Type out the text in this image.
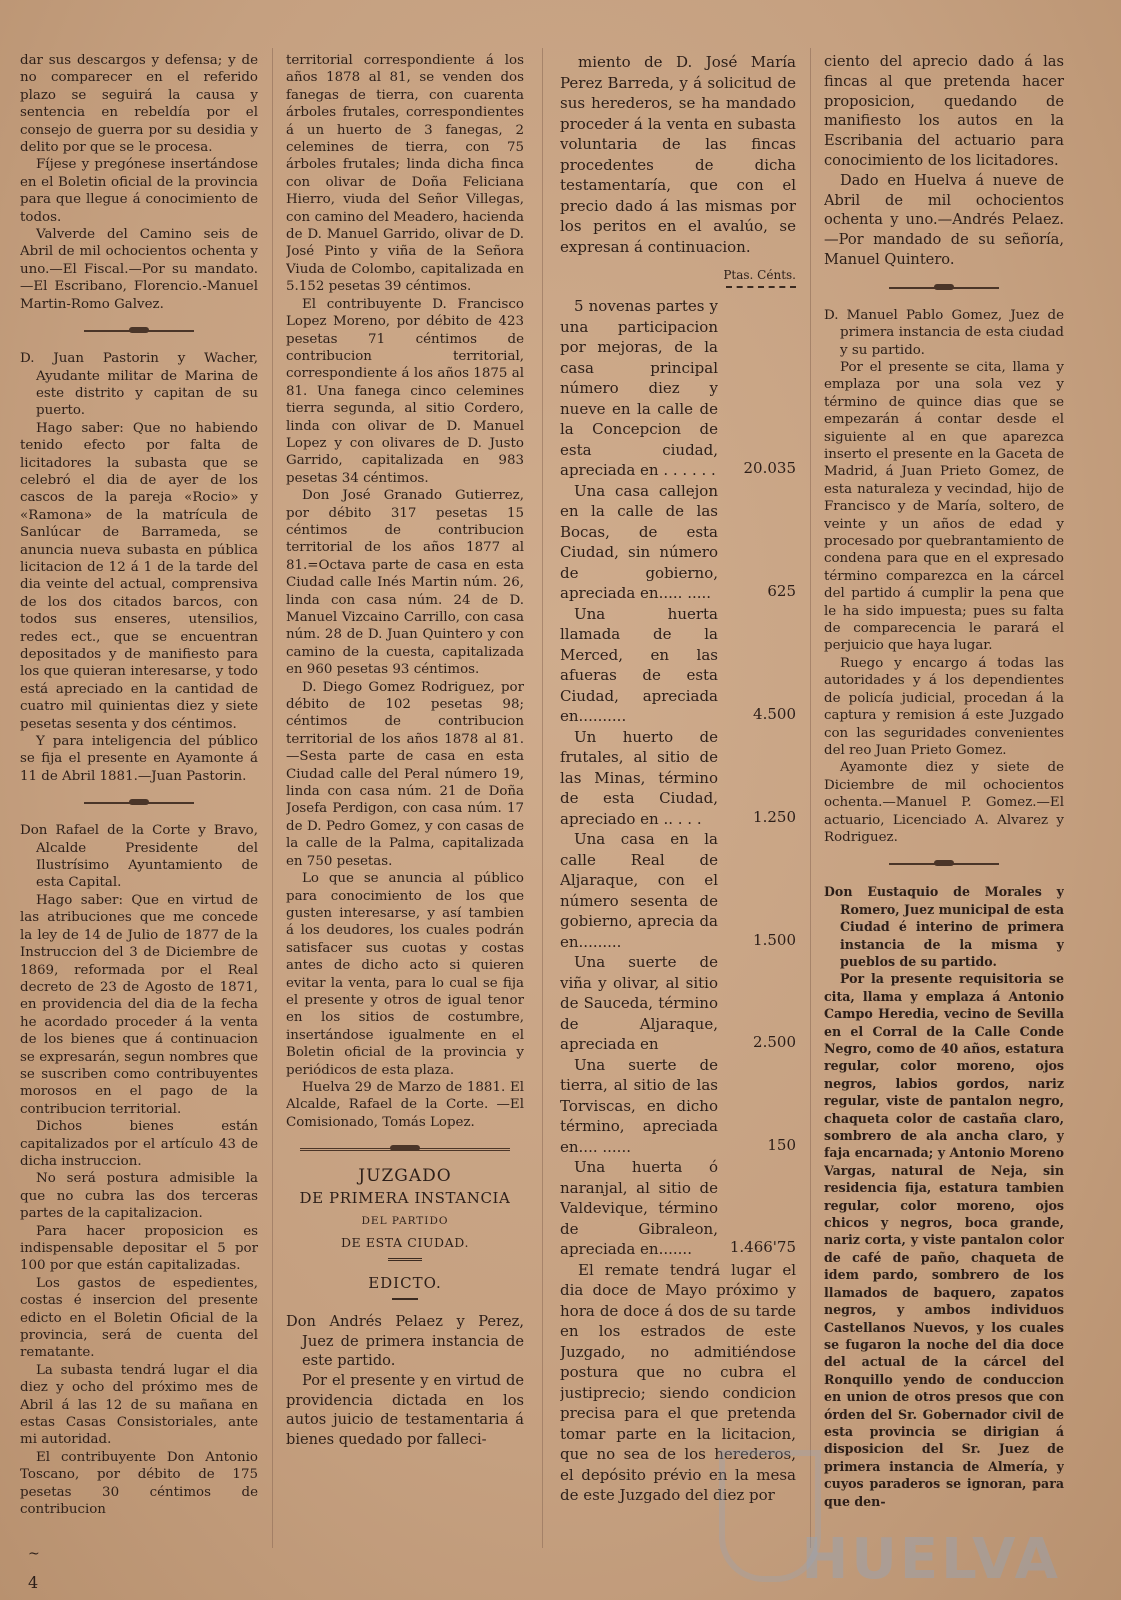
dar sus descargos y defensa; y de no comparecer en el referido plazo se seguirá la causa y sentencia en rebeldía por el consejo de guerra por su desidia y delito por que se le procesa.

Fíjese y pregónese insertándose en el Boletin oficial de la provincia para que llegue á conocimiento de todos.

Valverde del Camino seis de Abril de mil ochocientos ochenta y uno.—El Fiscal.—Por su mandato.—El Escribano, Florencio.-Manuel Martin-Romo Galvez.

D. Juan Pastorin y Wacher, Ayudante militar de Marina de este distrito y capitan de su puerto.

Hago saber: Que no habiendo tenido efecto por falta de licitadores la subasta que se celebró el dia de ayer de los cascos de la pareja «Rocio» y «Ramona» de la matrícula de Sanlúcar de Barrameda, se anuncia nueva subasta en pública licitacion de 12 á 1 de la tarde del dia veinte del actual, comprensiva de los dos citados barcos, con todos sus enseres, utensilios, redes ect., que se encuentran depositados y de manifiesto para los que quieran interesarse, y todo está apreciado en la cantidad de cuatro mil quinientas diez y siete pesetas sesenta y dos céntimos.

Y para inteligencia del público se fija el presente en Ayamonte á 11 de Abril 1881.—Juan Pastorin.

Don Rafael de la Corte y Bravo, Alcalde Presidente del Ilustrísimo Ayuntamiento de esta Capital.

Hago saber: Que en virtud de las atribuciones que me concede la ley de 14 de Julio de 1877 de la Instruccion del 3 de Diciembre de 1869, reformada por el Real decreto de 23 de Agosto de 1871, en providencia del dia de la fecha he acordado proceder á la venta de los bienes que á continuacion se expresarán, segun nombres que se suscriben como contribuyentes morosos en el pago de la contribucion territorial.

Dichos bienes están capitalizados por el artículo 43 de dicha instruccion.

No será postura admisible la que no cubra las dos terceras partes de la capitalizacion.

Para hacer proposicion es indispensable depositar el 5 por 100 por que están capitalizadas.

Los gastos de espedientes, costas é insercion del presente edicto en el Boletin Oficial de la provincia, será de cuenta del rematante.

La subasta tendrá lugar el dia diez y ocho del próximo mes de Abril á las 12 de su mañana en estas Casas Consistoriales, ante mi autoridad.

El contribuyente Don Antonio Toscano, por débito de 175 pesetas 30 céntimos de contribucion

territorial correspondiente á los años 1878 al 81, se venden dos fanegas de tierra, con cuarenta árboles frutales, correspondientes á un huerto de 3 fanegas, 2 celemines de tierra, con 75 árboles frutales; linda dicha finca con olivar de Doña Feliciana Hierro, viuda del Señor Villegas, con camino del Meadero, hacienda de D. Manuel Garrido, olivar de D. José Pinto y viña de la Señora Viuda de Colombo, capitalizada en 5.152 pesetas 39 céntimos.

El contribuyente D. Francisco Lopez Moreno, por débito de 423 pesetas 71 céntimos de contribucion territorial, correspondiente á los años 1875 al 81. Una fanega cinco celemines tierra segunda, al sitio Cordero, linda con olivar de D. Manuel Lopez y con olivares de D. Justo Garrido, capitalizada en 983 pesetas 34 céntimos.

Don José Granado Gutierrez, por débito 317 pesetas 15 céntimos de contribucion territorial de los años 1877 al 81.=Octava parte de casa en esta Ciudad calle Inés Martin núm. 26, linda con casa núm. 24 de D. Manuel Vizcaino Carrillo, con casa núm. 28 de D. Juan Quintero y con camino de la cuesta, capitalizada en 960 pesetas 93 céntimos.

D. Diego Gomez Rodriguez, por débito de 102 pesetas 98; céntimos de contribucion territorial de los años 1878 al 81.—Sesta parte de casa en esta Ciudad calle del Peral número 19, linda con casa núm. 21 de Doña Josefa Perdigon, con casa núm. 17 de D. Pedro Gomez, y con casas de la calle de la Palma, capitalizada en 750 pesetas.

Lo que se anuncia al público para conocimiento de los que gusten interesarse, y así tambien á los deudores, los cuales podrán satisfacer sus cuotas y costas antes de dicho acto si quieren evitar la venta, para lo cual se fija el presente y otros de igual tenor en los sitios de costumbre, insertándose igualmente en el Boletin oficial de la provincia y periódicos de esta plaza.

Huelva 29 de Marzo de 1881. El Alcalde, Rafael de la Corte. —El Comisionado, Tomás Lopez.

JUZGADO

DE PRIMERA INSTANCIA

DEL PARTIDO

DE ESTA CIUDAD.

EDICTO.

Don Andrés Pelaez y Perez, Juez de primera instancia de este partido.

Por el presente y en virtud de providencia dictada en los autos juicio de testamentaria á bienes quedado por falleci-

miento de D. José María Perez Barreda, y á solicitud de sus herederos, se ha mandado proceder á la venta en subasta voluntaria de las fincas procedentes de dicha testamentaría, que con el precio dado á las mismas por los peritos en el avalúo, se expresan á continuacion.

Ptas. Cénts.
5 novenas partes y una participacion por mejoras, de la casa principal número diez y nueve en la calle de la Concepcion de esta ciudad, apreciada en . . . . . .	20.035
Una casa callejon en la calle de las Bocas, de esta Ciudad, sin número de gobierno, apreciada en..... .....	625
Una huerta llamada de la Merced, en las afueras de esta Ciudad, apreciada en..........	4.500
Un huerto de frutales, al sitio de las Minas, término de esta Ciudad, apreciado en .. . . .	1.250
Una casa en la calle Real de Aljaraque, con el número sesenta de gobierno, aprecia da en.........	1.500
Una suerte de viña y olivar, al sitio de Sauceda, término de Aljaraque, apreciada en	2.500
Una suerte de tierra, al sitio de las Torviscas, en dicho término, apreciada en.... ......	150
Una huerta ó naranjal, al sitio de Valdevique, término de Gibraleon, apreciada en.......	1.466'75

El remate tendrá lugar el dia doce de Mayo próximo y hora de doce á dos de su tarde en los estrados de este Juzgado, no admitiéndose postura que no cubra el justiprecio; siendo condicion precisa para el que pretenda tomar parte en la licitacion, que no sea de los herederos, el depósito prévio en la mesa de este Juzgado del diez por

ciento del aprecio dado á las fincas al que pretenda hacer proposicion, quedando de manifiesto los autos en la Escribania del actuario para conocimiento de los licitadores.

Dado en Huelva á nueve de Abril de mil ochocientos ochenta y uno.—Andrés Pelaez.—Por mandado de su señoría, Manuel Quintero.

D. Manuel Pablo Gomez, Juez de primera instancia de esta ciudad y su partido.

Por el presente se cita, llama y emplaza por una sola vez y término de quince dias que se empezarán á contar desde el siguiente al en que aparezca inserto el presente en la Gaceta de Madrid, á Juan Prieto Gomez, de esta naturaleza y vecindad, hijo de Francisco y de María, soltero, de veinte y un años de edad y procesado por quebrantamiento de condena para que en el expresado término comparezca en la cárcel del partido á cumplir la pena que le ha sido impuesta; pues su falta de comparecencia le parará el perjuicio que haya lugar.

Ruego y encargo á todas las autoridades y á los dependientes de policía judicial, procedan á la captura y remision á este Juzgado con las seguridades convenientes del reo Juan Prieto Gomez.

Ayamonte diez y siete de Diciembre de mil ochocientos ochenta.—Manuel P. Gomez.—El actuario, Licenciado A. Alvarez y Rodriguez.

Don Eustaquio de Morales y Romero, Juez municipal de esta Ciudad é interino de primera instancia de la misma y pueblos de su partido.

Por la presente requisitoria se cita, llama y emplaza á Antonio Campo Heredia, vecino de Sevilla en el Corral de la Calle Conde Negro, como de 40 años, estatura regular, color moreno, ojos negros, labios gordos, nariz regular, viste de pantalon negro, chaqueta color de castaña claro, sombrero de ala ancha claro, y faja encarnada; y Antonio Moreno Vargas, natural de Neja, sin residencia fija, estatura tambien regular, color moreno, ojos chicos y negros, boca grande, nariz corta, y viste pantalon color de café de paño, chaqueta de idem pardo, sombrero de los llamados de baquero, zapatos negros, y ambos individuos Castellanos Nuevos, y los cuales se fugaron la noche del dia doce del actual de la cárcel del Ronquillo yendo de conduccion en union de otros presos que con órden del Sr. Gobernador civil de esta provincia se dirigian á disposicion del Sr. Juez de primera instancia de Almería, y cuyos paraderos se ignoran, para que den-

~
4	HUELVA
